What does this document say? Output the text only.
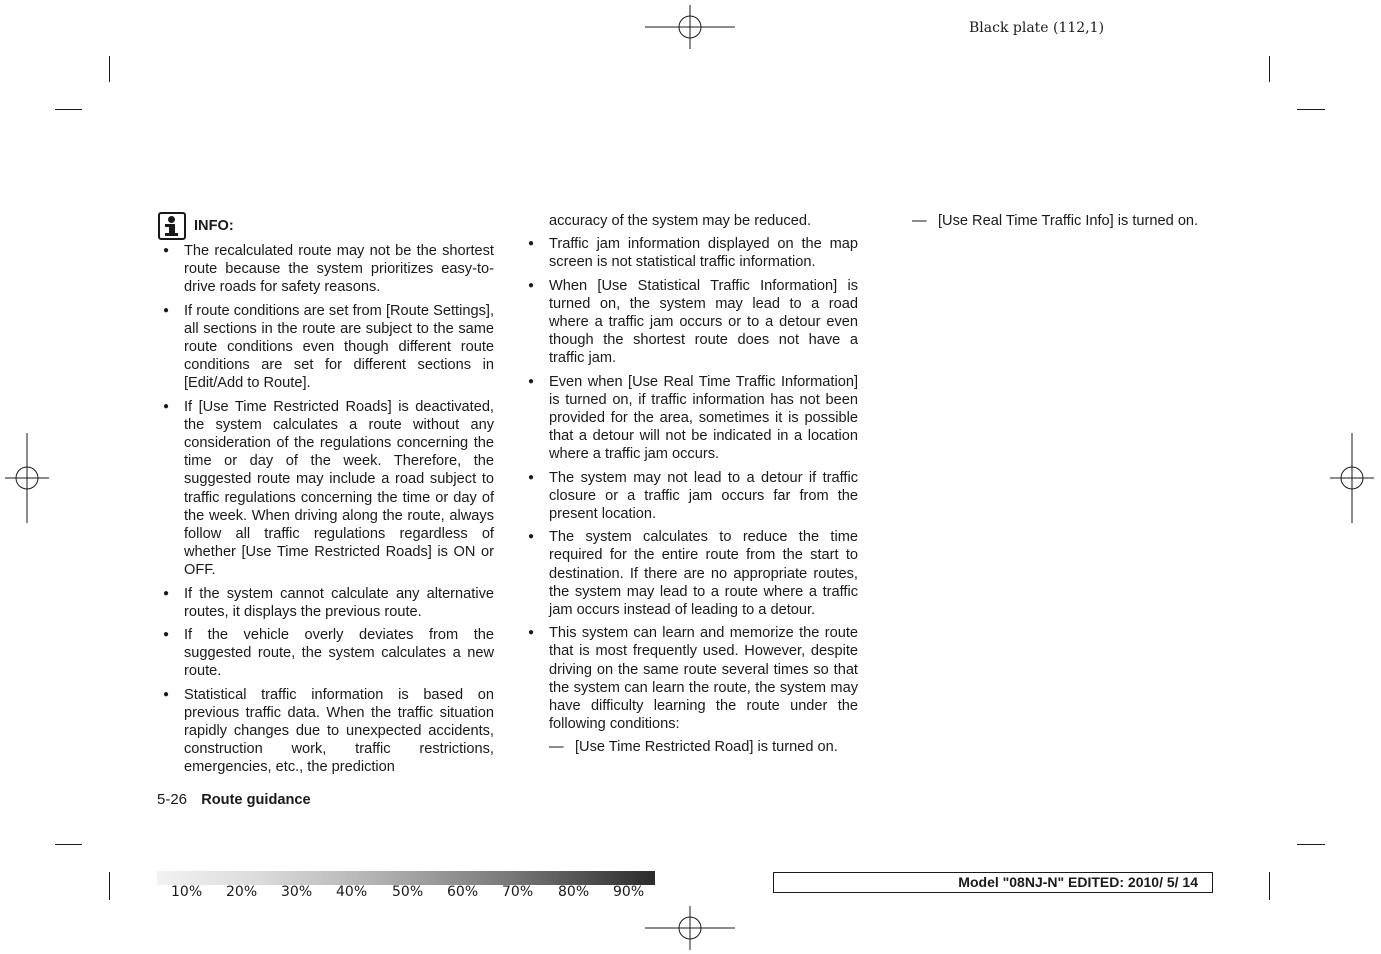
Black plate (112,1)
INFO:
● The recalculated route may not be the shortest route because the system prioritizes easy-to-drive roads for safety reasons.
● If route conditions are set from [Route Settings], all sections in the route are subject to the same route conditions even though different route conditions are set for different sections in [Edit/Add to Route].
● If [Use Time Restricted Roads] is deactivated, the system calculates a route without any consideration of the regulations concerning the time or day of the week. Therefore, the suggested route may include a road subject to traffic regulations concerning the time or day of the week. When driving along the route, always follow all traffic regulations regardless of whether [Use Time Restricted Roads] is ON or OFF.
● If the system cannot calculate any alternative routes, it displays the previous route.
● If the vehicle overly deviates from the suggested route, the system calculates a new route.
● Statistical traffic information is based on previous traffic data. When the traffic situation rapidly changes due to unexpected accidents, construction work, traffic restrictions, emergencies, etc., the prediction
accuracy of the system may be reduced.
● Traffic jam information displayed on the map screen is not statistical traffic information.
● When [Use Statistical Traffic Information] is turned on, the system may lead to a road where a traffic jam occurs or to a detour even though the shortest route does not have a traffic jam.
● Even when [Use Real Time Traffic Information] is turned on, if traffic information has not been provided for the area, sometimes it is possible that a detour will not be indicated in a location where a traffic jam occurs.
● The system may not lead to a detour if traffic closure or a traffic jam occurs far from the present location.
● The system calculates to reduce the time required for the entire route from the start to destination. If there are no appropriate routes, the system may lead to a route where a traffic jam occurs instead of leading to a detour.
● This system can learn and memorize the route that is most frequently used. However, despite driving on the same route several times so that the system can learn the route, the system may have difficulty learning the route under the following conditions:
— [Use Time Restricted Road] is turned on.
— [Use Real Time Traffic Info] is turned on.
5-26 Route guidance
10% 20% 30% 40% 50% 60% 70% 80% 90%
Model "08NJ-N" EDITED: 2010/ 5/ 14
